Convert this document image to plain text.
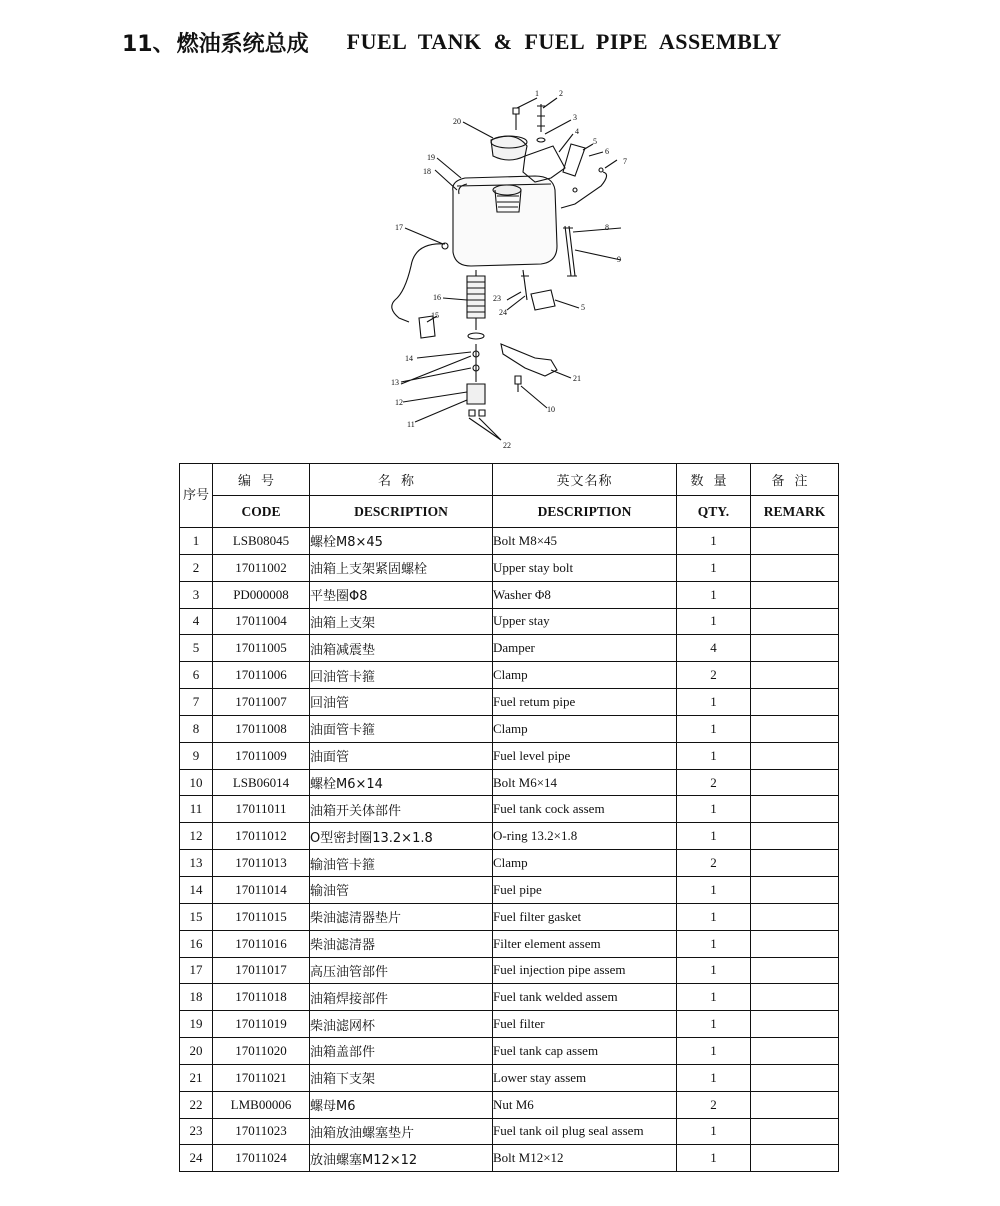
11、 燃油系统总成 FUEL TANK & FUEL PIPE ASSEMBLY
1	2
3
4
5
6
7
8
9
20
19
18
17
16
15
14
13
12
11
23
24
5
21
10
22
序号	编号	名称	英文名称	数量	备注
	CODE	DESCRIPTION	DESCRIPTION	QTY.	REMARK
1	LSB08045	螺栓M8×45	Bolt M8×45	1	
2	17011002	油箱上支架紧固螺栓	Upper stay bolt	1	
3	PD000008	平垫圈Φ8	Washer Φ8	1	
4	17011004	油箱上支架	Upper stay	1	
5	17011005	油箱减震垫	Damper	4	
6	17011006	回油管卡箍	Clamp	2	
7	17011007	回油管	Fuel retum pipe	1	
8	17011008	油面管卡箍	Clamp	1	
9	17011009	油面管	Fuel level pipe	1	
10	LSB06014	螺栓M6×14	Bolt M6×14	2	
11	17011011	油箱开关体部件	Fuel tank cock assem	1	
12	17011012	O型密封圈13.2×1.8	O-ring 13.2×1.8	1	
13	17011013	输油管卡箍	Clamp	2	
14	17011014	输油管	Fuel pipe	1	
15	17011015	柴油滤清器垫片	Fuel filter gasket	1	
16	17011016	柴油滤清器	Filter element assem	1	
17	17011017	高压油管部件	Fuel injection pipe assem	1	
18	17011018	油箱焊接部件	Fuel tank welded assem	1	
19	17011019	柴油滤网杯	Fuel filter	1	
20	17011020	油箱盖部件	Fuel tank cap assem	1	
21	17011021	油箱下支架	Lower stay assem	1	
22	LMB00006	螺母M6	Nut M6	2	
23	17011023	油箱放油螺塞垫片	Fuel tank oil plug seal assem	1	
24	17011024	放油螺塞M12×12	Bolt M12×12	1	
